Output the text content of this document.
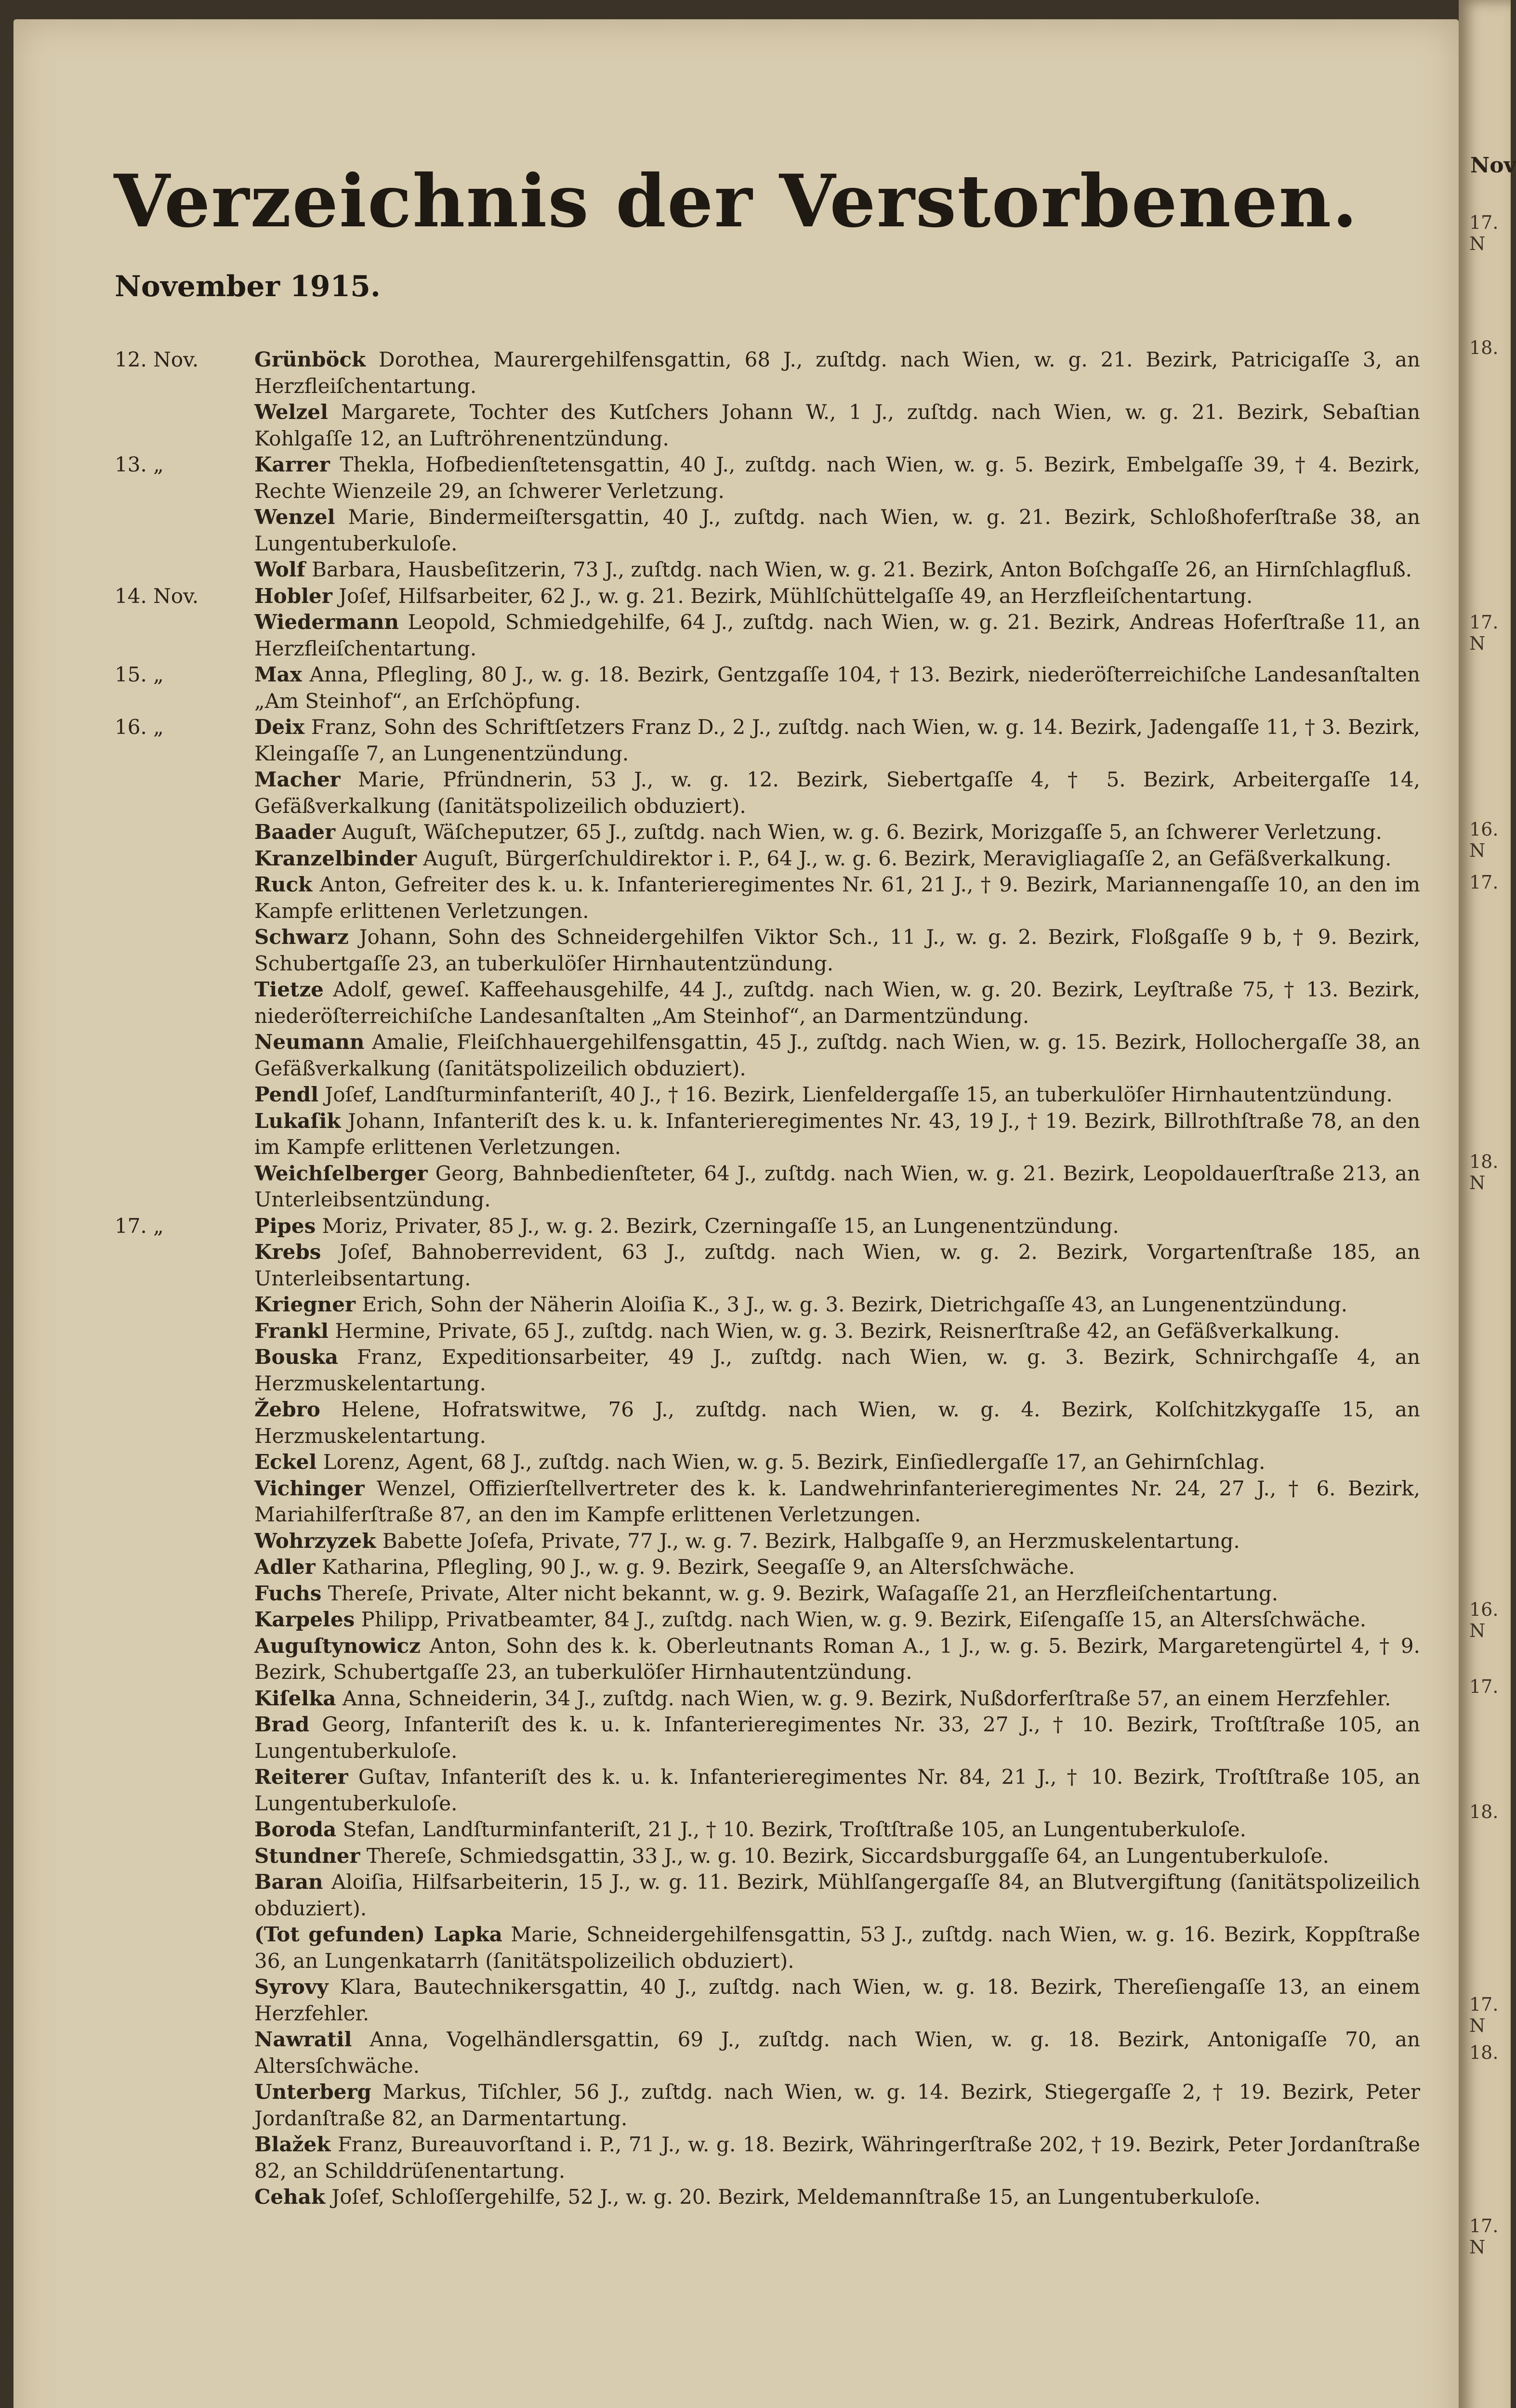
Verzeichnis der Verstorbenen.
November 1915.
12. Nov.	Grünböck Dorothea, Maurergehilfensgattin, 68 J., zuſtdg. nach Wien, w. g. 21. Bezirk, Patricigaſſe 3, an Herzfleiſchentartung.
Welzel Margarete, Tochter des Kutſchers Johann W., 1 J., zuſtdg. nach Wien, w. g. 21. Bezirk, Sebaſtian Kohlgaſſe 12, an Luftröhrenentzündung.
13. „	Karrer Thekla, Hofbedienſtetensgattin, 40 J., zuſtdg. nach Wien, w. g. 5. Bezirk, Embelgaſſe 39, † 4. Bezirk, Rechte Wienzeile 29, an ſchwerer Verletzung.
Wenzel Marie, Bindermeiſtersgattin, 40 J., zuſtdg. nach Wien, w. g. 21. Bezirk, Schloßhoferſtraße 38, an Lungentuberkuloſe.
Wolf Barbara, Hausbeſitzerin, 73 J., zuſtdg. nach Wien, w. g. 21. Bezirk, Anton Boſchgaſſe 26, an Hirnſchlagfluß.
14. Nov.	Hobler Joſef, Hilfsarbeiter, 62 J., w. g. 21. Bezirk, Mühlſchüttelgaſſe 49, an Herzfleiſchentartung.
Wiedermann Leopold, Schmiedgehilfe, 64 J., zuſtdg. nach Wien, w. g. 21. Bezirk, Andreas Hoferſtraße 11, an Herzfleiſchentartung.
15. „	Max Anna, Pflegling, 80 J., w. g. 18. Bezirk, Gentzgaſſe 104, † 13. Bezirk, niederöſterreichiſche Landesanſtalten „Am Steinhof“, an Erſchöpfung.
16. „	Deix Franz, Sohn des Schriftſetzers Franz D., 2 J., zuſtdg. nach Wien, w. g. 14. Bezirk, Jadengaſſe 11, † 3. Bezirk, Kleingaſſe 7, an Lungenentzündung.
Macher Marie, Pfründnerin, 53 J., w. g. 12. Bezirk, Siebertgaſſe 4, † 5. Bezirk, Arbeitergaſſe 14, Gefäßverkalkung (ſanitätspolizeilich obduziert).
Baader Auguſt, Wäſcheputzer, 65 J., zuſtdg. nach Wien, w. g. 6. Bezirk, Morizgaſſe 5, an ſchwerer Verletzung.
Kranzelbinder Auguſt, Bürgerſchuldirektor i. P., 64 J., w. g. 6. Bezirk, Meravigliagaſſe 2, an Gefäßverkalkung.
Ruck Anton, Gefreiter des k. u. k. Infanterieregimentes Nr. 61, 21 J., † 9. Bezirk, Mariannengaſſe 10, an den im Kampfe erlittenen Verletzungen.
Schwarz Johann, Sohn des Schneidergehilfen Viktor Sch., 11 J., w. g. 2. Bezirk, Floßgaſſe 9 b, † 9. Bezirk, Schubertgaſſe 23, an tuberkulöſer Hirnhautentzündung.
Tietze Adolf, geweſ. Kaffeehausgehilfe, 44 J., zuſtdg. nach Wien, w. g. 20. Bezirk, Leyſtraße 75, † 13. Bezirk, niederöſterreichiſche Landesanſtalten „Am Steinhof“, an Darmentzündung.
Neumann Amalie, Fleiſchhauergehilfensgattin, 45 J., zuſtdg. nach Wien, w. g. 15. Bezirk, Hollochergaſſe 38, an Gefäßverkalkung (ſanitätspolizeilich obduziert).
Pendl Joſef, Landſturminfanteriſt, 40 J., † 16. Bezirk, Lienfeldergaſſe 15, an tuberkulöſer Hirnhautentzündung.
Lukaſik Johann, Infanteriſt des k. u. k. Infanterieregimentes Nr. 43, 19 J., † 19. Bezirk, Billrothſtraße 78, an den im Kampfe erlittenen Verletzungen.
Weichſelberger Georg, Bahnbedienſteter, 64 J., zuſtdg. nach Wien, w. g. 21. Bezirk, Leopoldauerſtraße 213, an Unterleibsentzündung.
17. „	Pipes Moriz, Privater, 85 J., w. g. 2. Bezirk, Czerningaſſe 15, an Lungenentzündung.
Krebs Joſef, Bahnoberrevident, 63 J., zuſtdg. nach Wien, w. g. 2. Bezirk, Vorgartenſtraße 185, an Unterleibsentartung.
Kriegner Erich, Sohn der Näherin Aloiſia K., 3 J., w. g. 3. Bezirk, Dietrichgaſſe 43, an Lungenentzündung.
Frankl Hermine, Private, 65 J., zuſtdg. nach Wien, w. g. 3. Bezirk, Reisnerſtraße 42, an Gefäßverkalkung.
Bouska Franz, Expeditionsarbeiter, 49 J., zuſtdg. nach Wien, w. g. 3. Bezirk, Schnirchgaſſe 4, an Herzmuskelentartung.
Žebro Helene, Hofratswitwe, 76 J., zuſtdg. nach Wien, w. g. 4. Bezirk, Kolſchitzkygaſſe 15, an Herzmuskelentartung.
Eckel Lorenz, Agent, 68 J., zuſtdg. nach Wien, w. g. 5. Bezirk, Einſiedlergaſſe 17, an Gehirnſchlag.
Vichinger Wenzel, Offizierſtellvertreter des k. k. Landwehrinfanterieregimentes Nr. 24, 27 J., † 6. Bezirk, Mariahilferſtraße 87, an den im Kampfe erlittenen Verletzungen.
Wohrzyzek Babette Joſefa, Private, 77 J., w. g. 7. Bezirk, Halbgaſſe 9, an Herzmuskelentartung.
Adler Katharina, Pflegling, 90 J., w. g. 9. Bezirk, Seegaſſe 9, an Altersſchwäche.
Fuchs Thereſe, Private, Alter nicht bekannt, w. g. 9. Bezirk, Waſagaſſe 21, an Herzfleiſchentartung.
Karpeles Philipp, Privatbeamter, 84 J., zuſtdg. nach Wien, w. g. 9. Bezirk, Eiſengaſſe 15, an Altersſchwäche.
Auguſtynowicz Anton, Sohn des k. k. Oberleutnants Roman A., 1 J., w. g. 5. Bezirk, Margaretengürtel 4, † 9. Bezirk, Schubertgaſſe 23, an tuberkulöſer Hirnhautentzündung.
Kiſelka Anna, Schneiderin, 34 J., zuſtdg. nach Wien, w. g. 9. Bezirk, Nußdorferſtraße 57, an einem Herzfehler.
Brad Georg, Infanteriſt des k. u. k. Infanterieregimentes Nr. 33, 27 J., † 10. Bezirk, Troſtſtraße 105, an Lungentuberkuloſe.
Reiterer Guſtav, Infanteriſt des k. u. k. Infanterieregimentes Nr. 84, 21 J., † 10. Bezirk, Troſtſtraße 105, an Lungentuberkuloſe.
Boroda Stefan, Landſturminfanteriſt, 21 J., † 10. Bezirk, Troſtſtraße 105, an Lungentuberkuloſe.
Stundner Thereſe, Schmiedsgattin, 33 J., w. g. 10. Bezirk, Siccardsburggaſſe 64, an Lungentuberkuloſe.
Baran Aloiſia, Hilfsarbeiterin, 15 J., w. g. 11. Bezirk, Mühlſangergaſſe 84, an Blutvergiftung (ſanitätspolizeilich obduziert).
(Tot gefunden) Lapka Marie, Schneidergehilfensgattin, 53 J., zuſtdg. nach Wien, w. g. 16. Bezirk, Koppſtraße 36, an Lungenkatarrh (ſanitätspolizeilich obduziert).
Syrovy Klara, Bautechnikersgattin, 40 J., zuſtdg. nach Wien, w. g. 18. Bezirk, Thereſiengaſſe 13, an einem Herzfehler.
Nawratil Anna, Vogelhändlersgattin, 69 J., zuſtdg. nach Wien, w. g. 18. Bezirk, Antonigaſſe 70, an Altersſchwäche.
Unterberg Markus, Tiſchler, 56 J., zuſtdg. nach Wien, w. g. 14. Bezirk, Stiegergaſſe 2, † 19. Bezirk, Peter Jordanſtraße 82, an Darmentartung.
Blažek Franz, Bureauvorſtand i. P., 71 J., w. g. 18. Bezirk, Währingerſtraße 202, † 19. Bezirk, Peter Jordanſtraße 82, an Schilddrüſenentartung.
Cehak Joſef, Schloſſergehilfe, 52 J., w. g. 20. Bezirk, Meldemannſtraße 15, an Lungentuberkuloſe.
Nov
17. N
18.
17. N
16. N
17.
18. N
16. N
17.
18.
17. N
18.
17. N
